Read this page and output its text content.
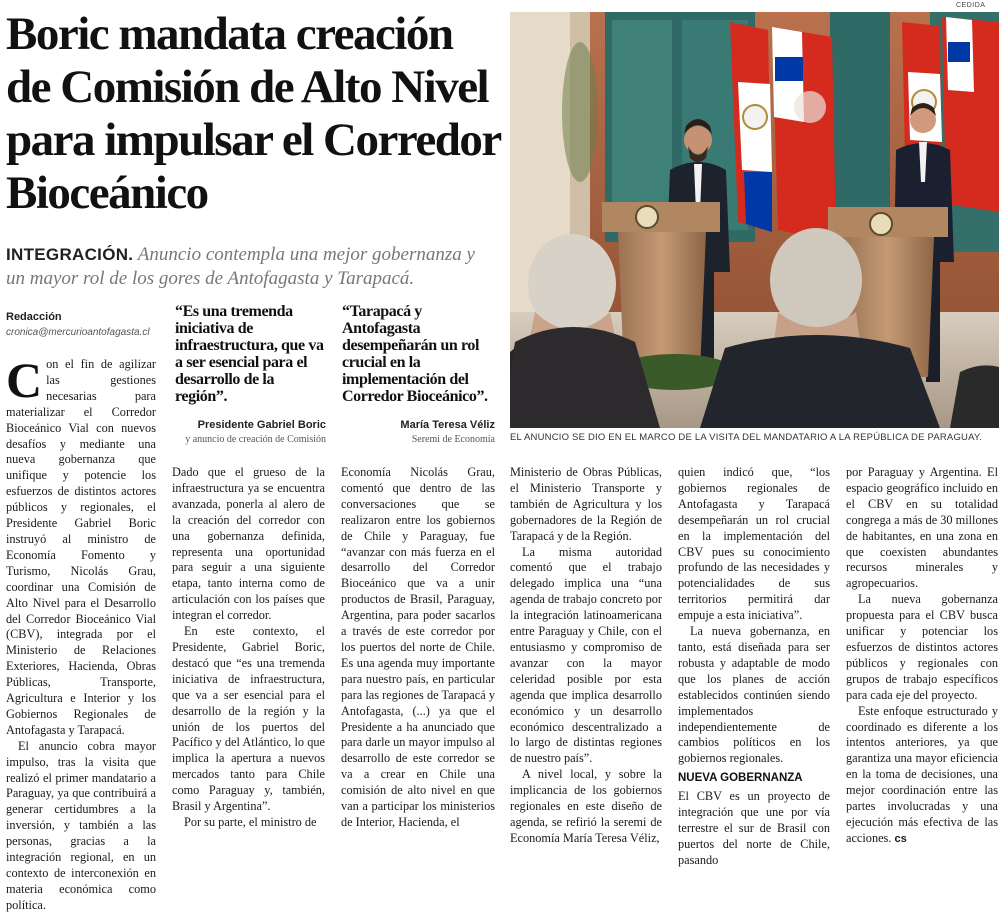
CEDIDA
Boric mandata creación de Comisión de Alto Nivel para impulsar el Corredor Bioceánico
INTEGRACIÓN. Anuncio contempla una mejor gobernanza y un mayor rol de los gores de Antofagasta y Tarapacá.
Redacción
cronica@mercurioantofagasta.cl
“Es una tremenda iniciativa de infraestructura, que va a ser esencial para el desarrollo de la región”.
Presidente Gabriel Boric
y anuncio de creación de Comisión
“Tarapacá y Antofagasta desempeñarán un rol crucial en la implementación del Corredor Bioceánico”.
María Teresa Véliz
Seremi de Economía EL ANUNCIO SE DIO EN EL MARCO DE LA VISITA DEL MANDATARIO A LA REPÚBLICA DE PARAGUAY.

Con el fin de agilizar las gestiones necesarias para materializar el Corredor Bioceánico Vial con nuevos desafíos y mediante una nueva gobernanza que unifique y potencie los esfuerzos de distintos actores públicos y regionales, el Presidente Gabriel Boric instruyó al ministro de Economía Fomento y Turismo, Nicolás Grau, coordinar una Comisión de Alto Nivel para el Desarrollo del Corredor Bioceánico Vial (CBV), integrada por el Ministerio de Relaciones Exteriores, Hacienda, Obras Públicas, Transporte, Agricultura e Interior y los Gobiernos Regionales de Antofagasta y Tarapacá.

El anuncio cobra mayor impulso, tras la visita que realizó el primer mandatario a Paraguay, ya que contribuirá a generar certidumbres a la inversión, y también a las personas, gracias a la integración regional, en un contexto de interconexión en materia económica como política.

Dado que el grueso de la infraestructura ya se encuentra avanzada, ponerla al alero de la creación del corredor con una gobernanza definida, representa una oportunidad para seguir a una siguiente etapa, tanto interna como de articulación con los países que integran el corredor.

En este contexto, el Presidente, Gabriel Boric, destacó que “es una tremenda iniciativa de infraestructura, que va a ser esencial para el desarrollo de la región y la unión de los puertos del Pacífico y del Atlántico, lo que implica la apertura a nuevos mercados tanto para Chile como Paraguay y, también, Brasil y Argentina”.

Por su parte, el ministro de

Economía Nicolás Grau, comentó que dentro de las conversaciones que se realizaron entre los gobiernos de Chile y Paraguay, fue “avanzar con más fuerza en el desarrollo del Corredor Bioceánico que va a unir productos de Brasil, Paraguay, Argentina, para poder sacarlos a través de este corredor por los puertos del norte de Chile. Es una agenda muy importante para nuestro país, en particular para las regiones de Tarapacá y Antofagasta, (...) ya que el Presidente a ha anunciado que para darle un mayor impulso al desarrollo de este corredor se va a crear en Chile una comisión de alto nivel en que van a participar los ministerios de Interior, Hacienda, el

Ministerio de Obras Públicas, el Ministerio Transporte y también de Agricultura y los gobernadores de la Región de Tarapacá y de la Región.

La misma autoridad comentó que el trabajo delegado implica una “una agenda de trabajo concreto por la integración latinoamericana entre Paraguay y Chile, con el entusiasmo y compromiso de avanzar con la mayor celeridad posible por esta agenda que implica desarrollo económico y un desarrollo económico descentralizado a lo largo de distintas regiones de nuestro país”.

A nivel local, y sobre la implicancia de los gobiernos regionales en este diseño de agenda, se refirió la seremi de Economía María Teresa Véliz,

quien indicó que, “los gobiernos regionales de Antofagasta y Tarapacá desempeñarán un rol crucial en la implementación del CBV pues su conocimiento profundo de las necesidades y potencialidades de sus territorios permitirá dar empuje a esta iniciativa”.

La nueva gobernanza, en tanto, está diseñada para ser robusta y adaptable de modo que los planes de acción establecidos continúen siendo implementados independientemente de cambios políticos en los gobiernos regionales.

NUEVA GOBERNANZA

El CBV es un proyecto de integración que une por vía terrestre el sur de Brasil con puertos del norte de Chile, pasando

por Paraguay y Argentina. El espacio geográfico incluido en el CBV en su totalidad congrega a más de 30 millones de habitantes, en una zona en que coexisten abundantes recursos minerales y agropecuarios.

La nueva gobernanza propuesta para el CBV busca unificar y potenciar los esfuerzos de distintos actores públicos y regionales con grupos de trabajo específicos para cada eje del proyecto.

Este enfoque estructurado y coordinado es diferente a los intentos anteriores, ya que garantiza una mayor eficiencia en la toma de decisiones, una mejor coordinación entre las partes involucradas y una ejecución más efectiva de las acciones. cs
